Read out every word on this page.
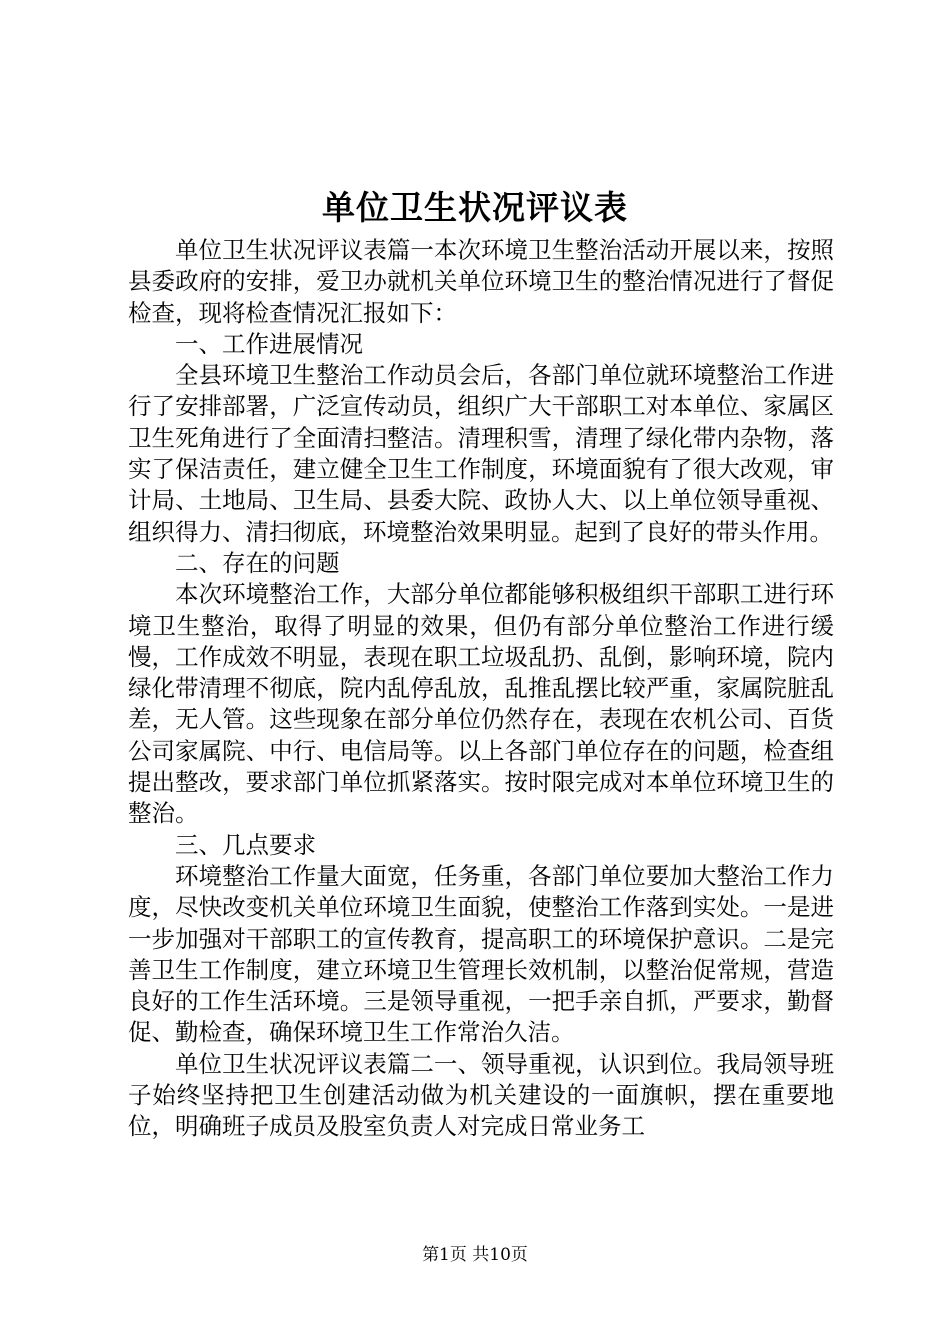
单位卫生状况评议表

单位卫生状况评议表篇一本次环境卫生整治活动开展以来，按照县委政府的安排，爱卫办就机关单位环境卫生的整治情况进行了督促检查，现将检查情况汇报如下：

一、工作进展情况

全县环境卫生整治工作动员会后，各部门单位就环境整治工作进行了安排部署，广泛宣传动员，组织广大干部职工对本单位、家属区卫生死角进行了全面清扫整洁。清理积雪，清理了绿化带内杂物，落实了保洁责任，建立健全卫生工作制度，环境面貌有了很大改观，审计局、土地局、卫生局、县委大院、政协人大、以上单位领导重视、组织得力、清扫彻底，环境整治效果明显。起到了良好的带头作用。

二、存在的问题

本次环境整治工作，大部分单位都能够积极组织干部职工进行环境卫生整治，取得了明显的效果，但仍有部分单位整治工作进行缓慢，工作成效不明显，表现在职工垃圾乱扔、乱倒，影响环境，院内绿化带清理不彻底，院内乱停乱放，乱推乱摆比较严重，家属院脏乱差，无人管。这些现象在部分单位仍然存在，表现在农机公司、百货公司家属院、中行、电信局等。以上各部门单位存在的问题，检查组提出整改，要求部门单位抓紧落实。按时限完成对本单位环境卫生的整治。

三、几点要求

环境整治工作量大面宽，任务重，各部门单位要加大整治工作力度，尽快改变机关单位环境卫生面貌，使整治工作落到实处。一是进一步加强对干部职工的宣传教育，提高职工的环境保护意识。二是完善卫生工作制度，建立环境卫生管理长效机制，以整治促常规，营造良好的工作生活环境。三是领导重视，一把手亲自抓，严要求，勤督促、勤检查，确保环境卫生工作常治久洁。

单位卫生状况评议表篇二一、领导重视，认识到位。我局领导班子始终坚持把卫生创建活动做为机关建设的一面旗帜，摆在重要地位，明确班子成员及股室负责人对完成日常业务工

第1页 共10页
